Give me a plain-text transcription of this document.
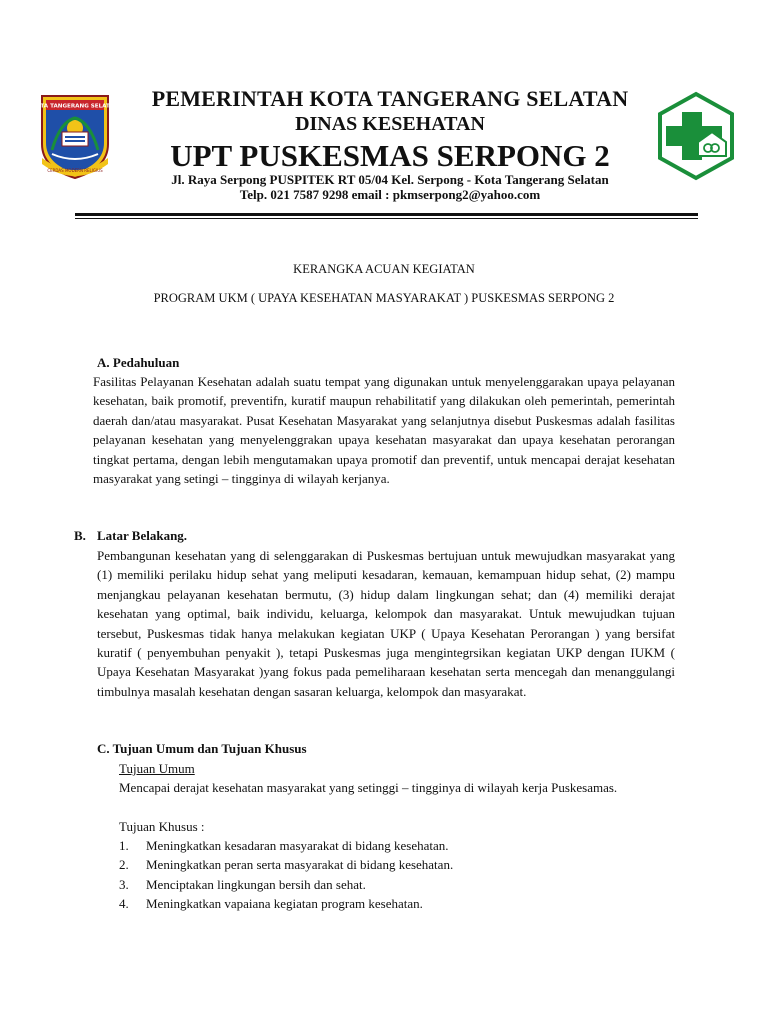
KOTA TANGERANG SELATAN
CERDAS MODERN RELIGIUS
PEMERINTAH KOTA TANGERANG SELATAN
DINAS KESEHATAN
UPT PUSKESMAS SERPONG 2
Jl. Raya Serpong PUSPITEK RT 05/04 Kel. Serpong - Kota Tangerang Selatan
Telp. 021 7587 9298 email : pkmserpong2@yahoo.com
KERANGKA ACUAN KEGIATAN
PROGRAM UKM ( UPAYA KESEHATAN MASYARAKAT ) PUSKESMAS SERPONG 2
A. Pedahuluan
Fasilitas Pelayanan Kesehatan adalah suatu tempat yang digunakan untuk menyelenggarakan upaya pelayanan kesehatan, baik promotif, preventifn, kuratif maupun rehabilitatif yang dilakukan oleh pemerintah, pemerintah daerah dan/atau masyarakat. Pusat Kesehatan Masyarakat yang selanjutnya disebut Puskesmas adalah fasilitas pelayanan kesehatan yang menyelenggrakan upaya kesehatan masyarakat dan upaya kesehatan perorangan tingkat pertama, dengan lebih mengutamakan upaya promotif dan preventif, untuk mencapai derajat kesehatan masyarakat yang setingi – tingginya di wilayah kerjanya.
B. Latar Belakang.
Pembangunan kesehatan yang di selenggarakan di Puskesmas bertujuan untuk mewujudkan masyarakat yang (1) memiliki perilaku hidup sehat yang meliputi kesadaran, kemauan, kemampuan hidup sehat, (2) mampu menjangkau pelayanan kesehatan bermutu, (3) hidup dalam lingkungan sehat; dan (4) memiliki derajat kesehatan yang optimal, baik individu, keluarga, kelompok dan masyarakat. Untuk mewujudkan tujuan tersebut, Puskesmas tidak hanya melakukan kegiatan UKP ( Upaya Kesehatan Perorangan ) yang bersifat kuratif ( penyembuhan penyakit ), tetapi Puskesmas juga mengintegrsikan kegiatan UKP dengan IUKM ( Upaya Kesehatan Masyarakat )yang fokus pada pemeliharaan kesehatan serta mencegah dan menanggulangi timbulnya masalah kesehatan dengan sasaran keluarga, kelompok dan masyarakat.
C. Tujuan Umum dan Tujuan Khusus
Tujuan Umum
Mencapai derajat kesehatan masyarakat yang setinggi – tingginya di wilayah kerja Puskesamas.
Tujuan Khusus :
1. Meningkatkan kesadaran masyarakat di bidang kesehatan.
2. Meningkatkan peran serta masyarakat di bidang kesehatan.
3. Menciptakan lingkungan bersih dan sehat.
4. Meningkatkan vapaiana kegiatan program kesehatan.
